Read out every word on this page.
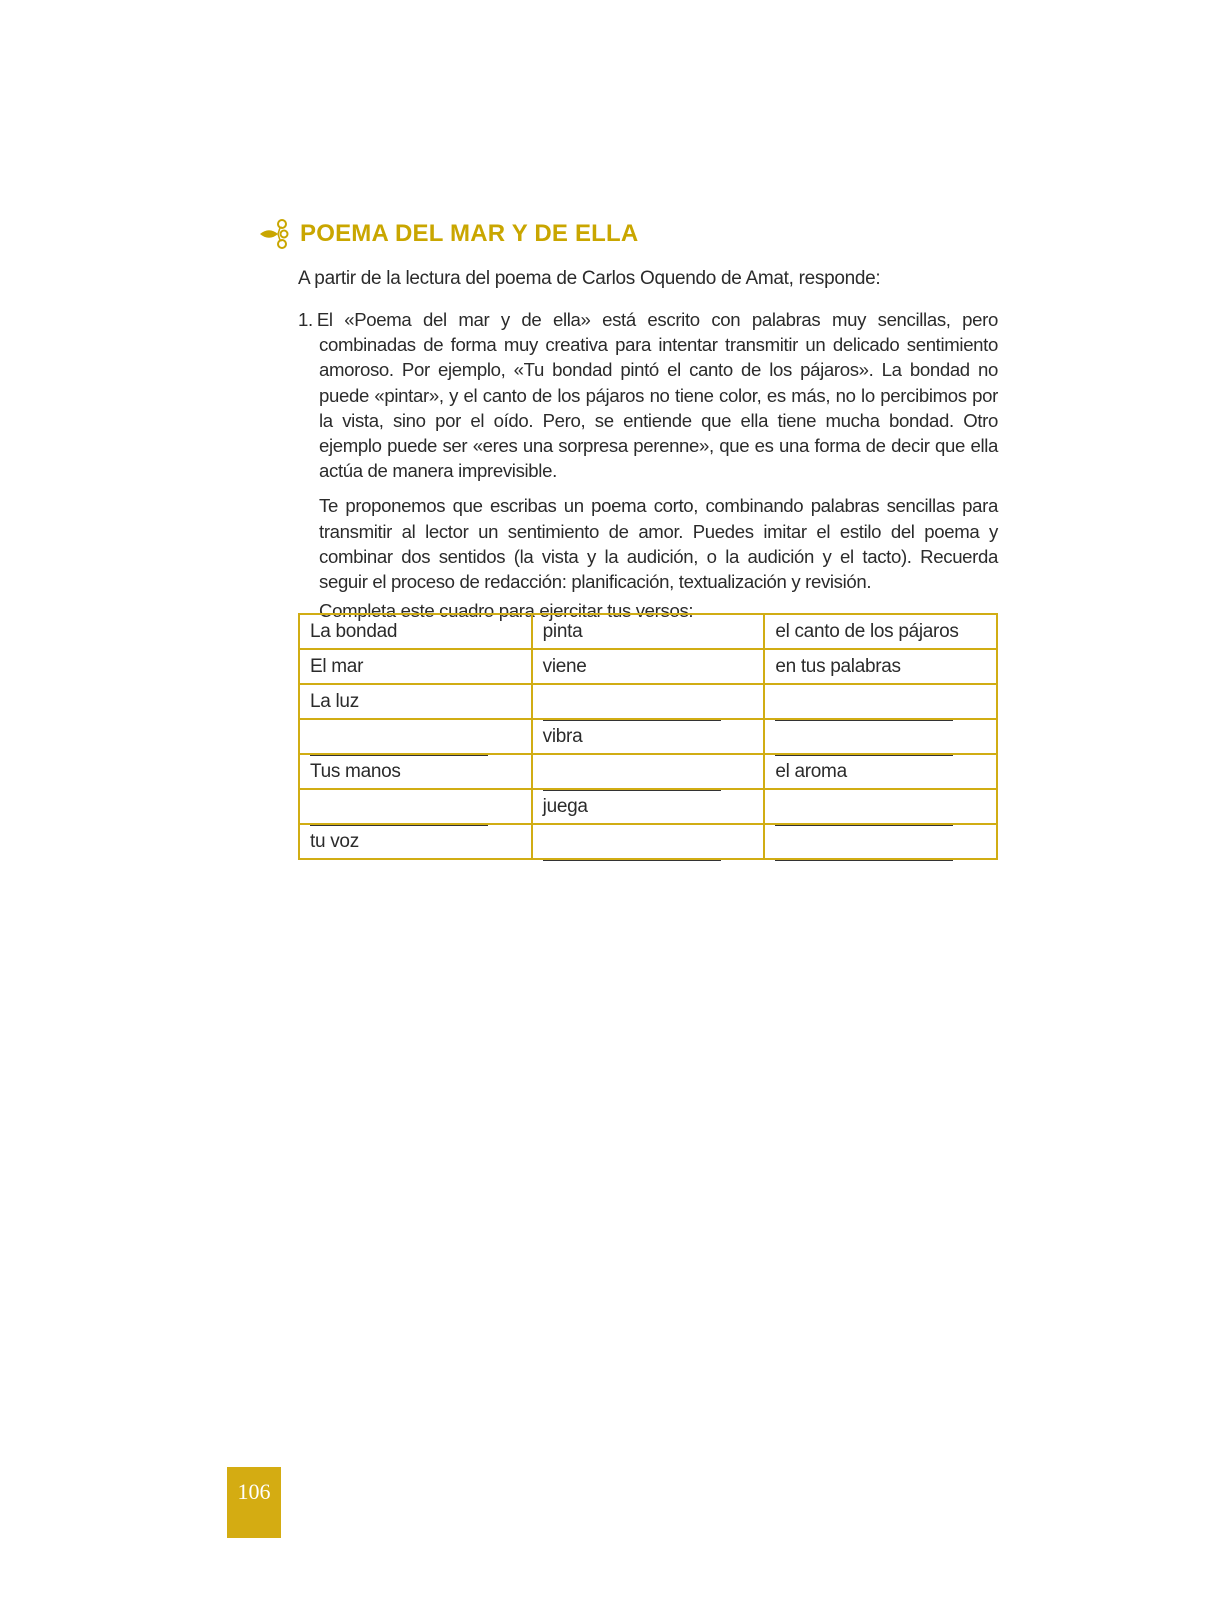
POEMA DEL MAR Y DE ELLA
A partir de la lectura del poema de Carlos Oquendo de Amat, responde:

1. El «Poema del mar y de ella» está escrito con palabras muy sencillas, pero combinadas de forma muy creativa para intentar transmitir un delicado sentimiento amoroso. Por ejemplo, «Tu bondad pintó el canto de los pájaros». La bondad no puede «pintar», y el canto de los pájaros no tiene color, es más, no lo percibimos por la vista, sino por el oído. Pero, se entiende que ella tiene mucha bondad. Otro ejemplo puede ser «eres una sorpresa perenne», que es una forma de decir que ella actúa de manera imprevisible.

Te proponemos que escribas un poema corto, combinando palabras sencillas para transmitir al lector un sentimiento de amor. Puedes imitar el estilo del poema y combinar dos sentidos (la vista y la audición, o la audición y el tacto). Recuerda seguir el proceso de redacción: planificación, textualización y revisión.

Completa este cuadro para ejercitar tus versos:

La bondad	pinta	el canto de los pájaros
El mar	viene	en tus palabras
La luz		
	vibra	
Tus manos		el aroma
	juega	
tu voz		
106
